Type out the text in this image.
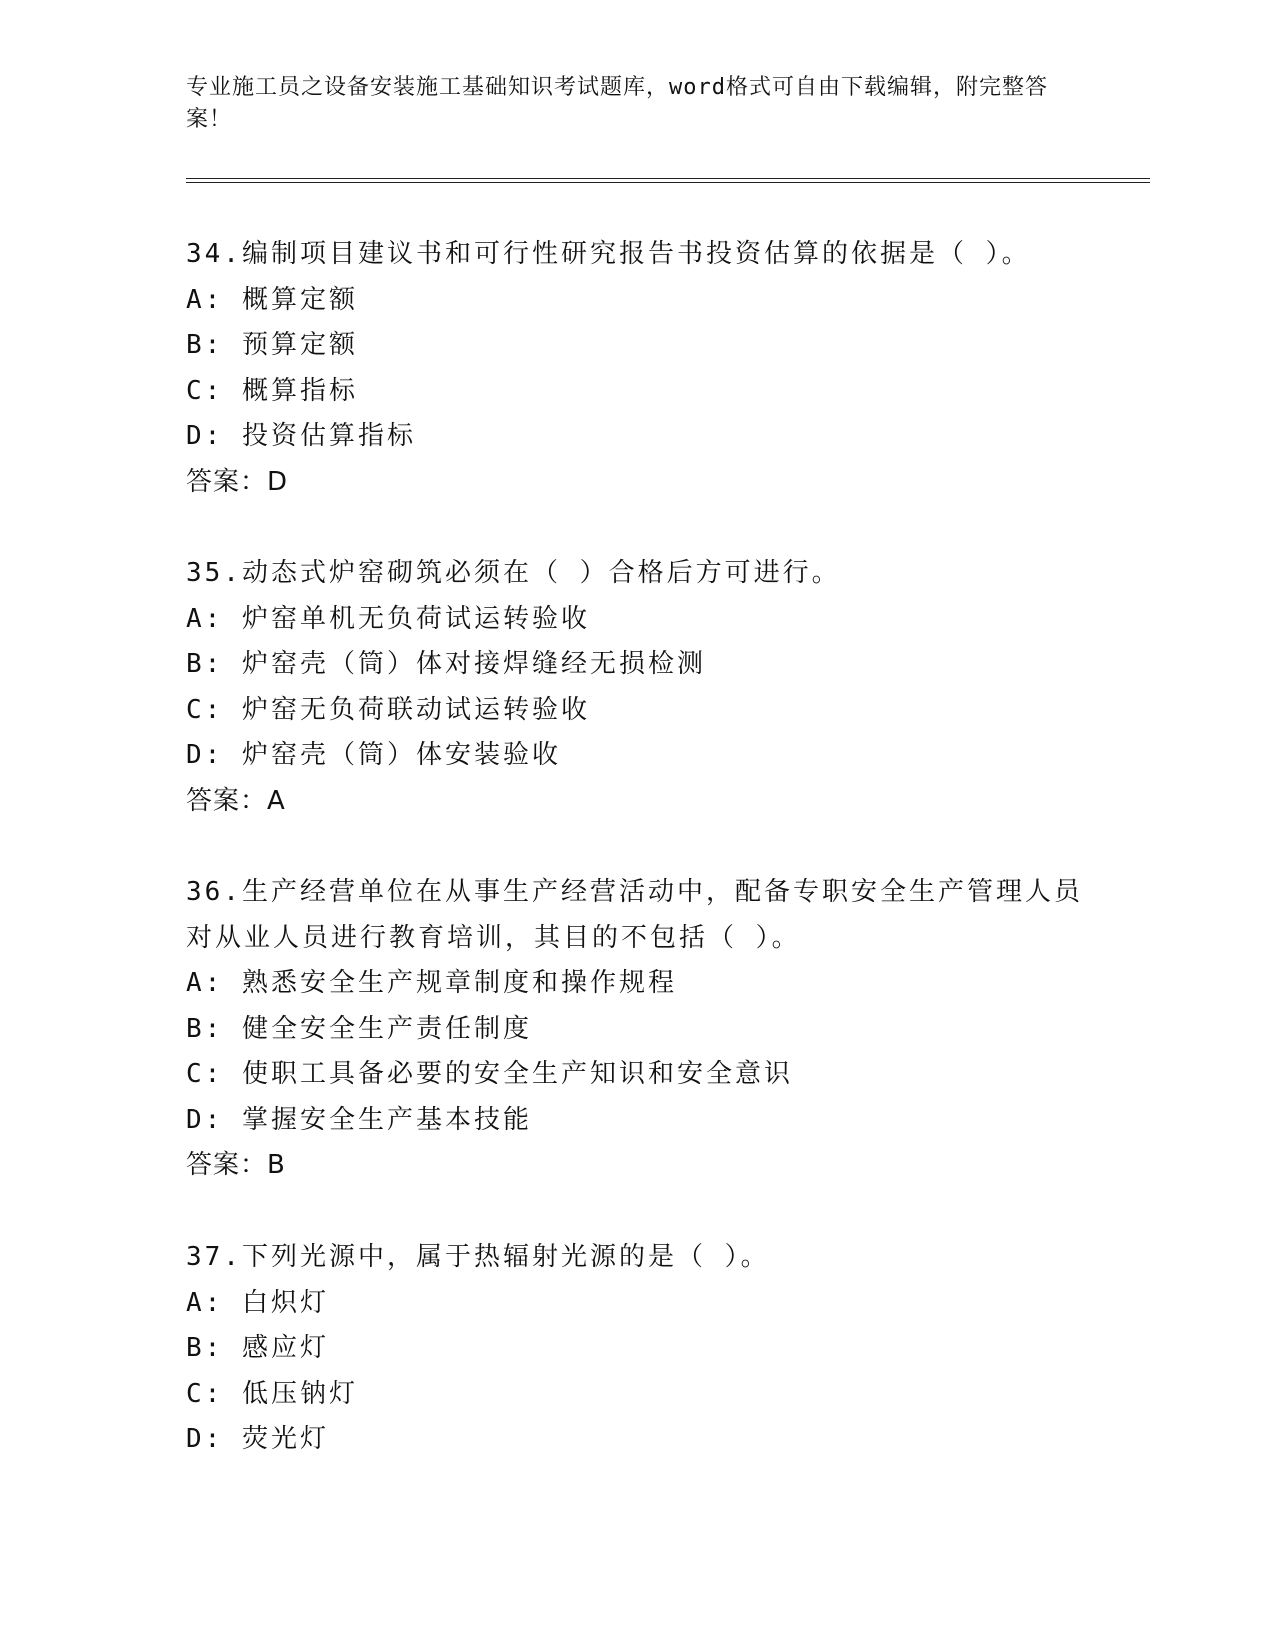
专业施工员之设备安装施工基础知识考试题库，word格式可自由下载编辑，附完整答案！

34.编制项目建议书和可行性研究报告书投资估算的依据是（ ）。

A: 概算定额

B: 预算定额

C: 概算指标

D: 投资估算指标

答案：D

35.动态式炉窑砌筑必须在（ ）合格后方可进行。

A: 炉窑单机无负荷试运转验收

B: 炉窑壳（筒）体对接焊缝经无损检测

C: 炉窑无负荷联动试运转验收

D: 炉窑壳（筒）体安装验收

答案：A

36.生产经营单位在从事生产经营活动中，配备专职安全生产管理人员对从业人员进行教育培训，其目的不包括（ ）。

A: 熟悉安全生产规章制度和操作规程

B: 健全安全生产责任制度

C: 使职工具备必要的安全生产知识和安全意识

D: 掌握安全生产基本技能

答案：B

37.下列光源中，属于热辐射光源的是（ ）。

A: 白炽灯

B: 感应灯

C: 低压钠灯

D: 荧光灯
